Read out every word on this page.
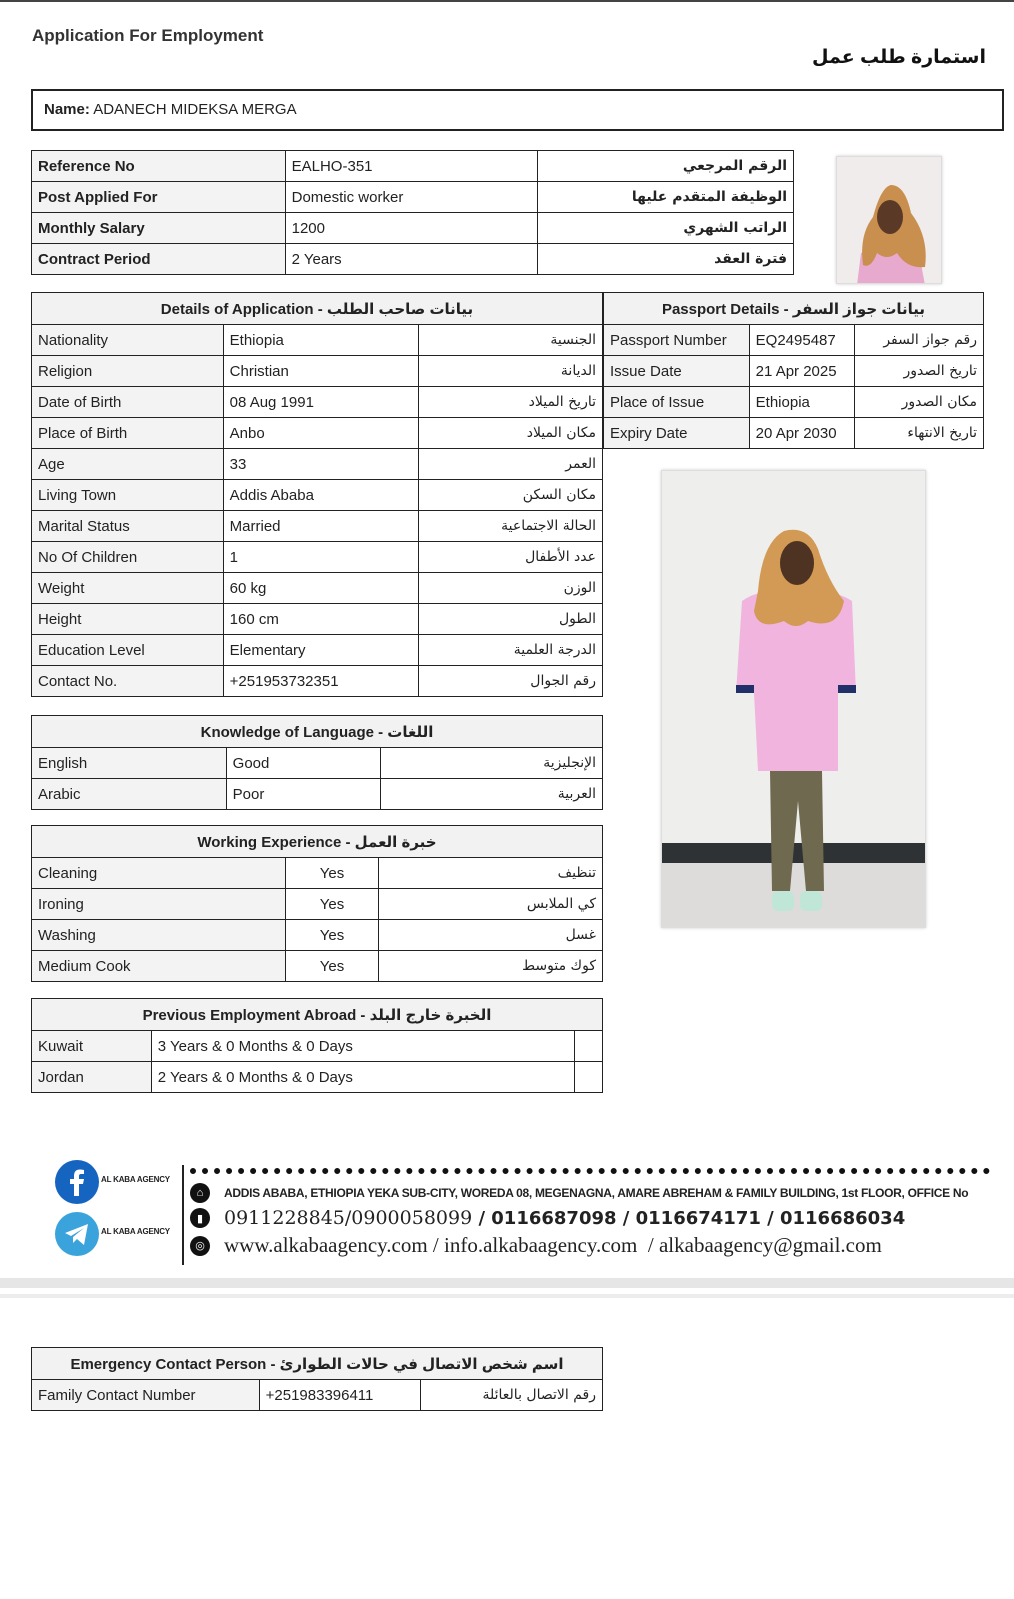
Application For Employment
استمارة طلب عمل
Name: ADANECH MIDEKSA MERGA
Reference No	EALHO-351	الرقم المرجعي
Post Applied For	Domestic worker	الوظيفة المتقدم عليها
Monthly Salary	1200	الراتب الشهري
Contract Period	2 Years	فترة العقد
Details of Application - بيانات صاحب الطلب		
Nationality	Ethiopia	الجنسية
Religion	Christian	الديانة
Date of Birth	08 Aug 1991	تاريخ الميلاد
Place of Birth	Anbo	مكان الميلاد
Age	33	العمر
Living Town	Addis Ababa	مكان السكن
Marital Status	Married	الحالة الاجتماعية
No Of Children	1	عدد الأطفال
Weight	60 kg	الوزن
Height	160 cm	الطول
Education Level	Elementary	الدرجة العلمية
Contact No.	+251953732351	رقم الجوال
Passport Details - بيانات جواز السفر		
Passport Number	EQ2495487	رقم جواز السفر
Issue Date	21 Apr 2025	تاريخ الصدور
Place of Issue	Ethiopia	مكان الصدور
Expiry Date	20 Apr 2030	تاريخ الانتهاء
Knowledge of Language - اللغات		
English	Good	الإنجليزية
Arabic	Poor	العربية
Working Experience - خبرة العمل		
Cleaning	Yes	تنظيف
Ironing	Yes	كي الملابس
Washing	Yes	غسل
Medium Cook	Yes	كوك متوسط
Previous Employment Abroad - الخبرة خارج البلد		
Kuwait	3 Years & 0 Months & 0 Days	
Jordan	2 Years & 0 Months & 0 Days	
AL KABA AGENCY
AL KABA AGENCY
⌂	ADDIS ABABA, ETHIOPIA YEKA SUB-CITY, WOREDA 08, MEGENAGNA, AMARE ABREHAM & FAMILY BUILDING, 1st FLOOR, OFFICE No
▮	0911228845/0900058099 / 0116687098 / 0116674171 / 0116686034
◎ www.alkabaagency.com / info.alkabaagency.com  / alkabaagency@gmail.com
Emergency Contact Person - اسم شخص الاتصال في حالات الطوارئ
Family Contact Number	+251983396411	رقم الاتصال بالعائلة
